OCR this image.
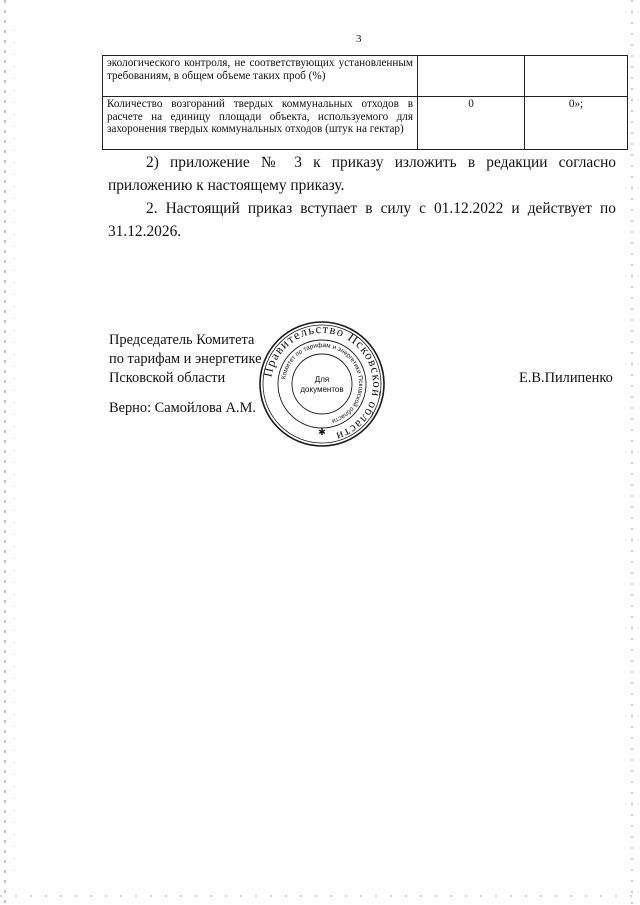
3
экологического контроля, не соответствующих установленным требованиям, в общем объеме таких проб (%)		
Количество возгораний твердых коммунальных отходов в расчете на единицу площади объекта, используемого для захоронения твердых коммунальных отходов (штук на гектар)	0	0»;
2) приложение № 3 к приказу изложить в редакции согласно приложению к настоящему приказу.
2. Настоящий приказ вступает в силу с 01.12.2022 и действует по 31.12.2026.
Председатель Комитета
по тарифам и энергетике
Псковской области
Верно: Самойлова А.М.
Е.В.Пилипенко
Правительство Псковской области
Комитет по тарифам и энергетике Псковской области
Для
документов
✱
